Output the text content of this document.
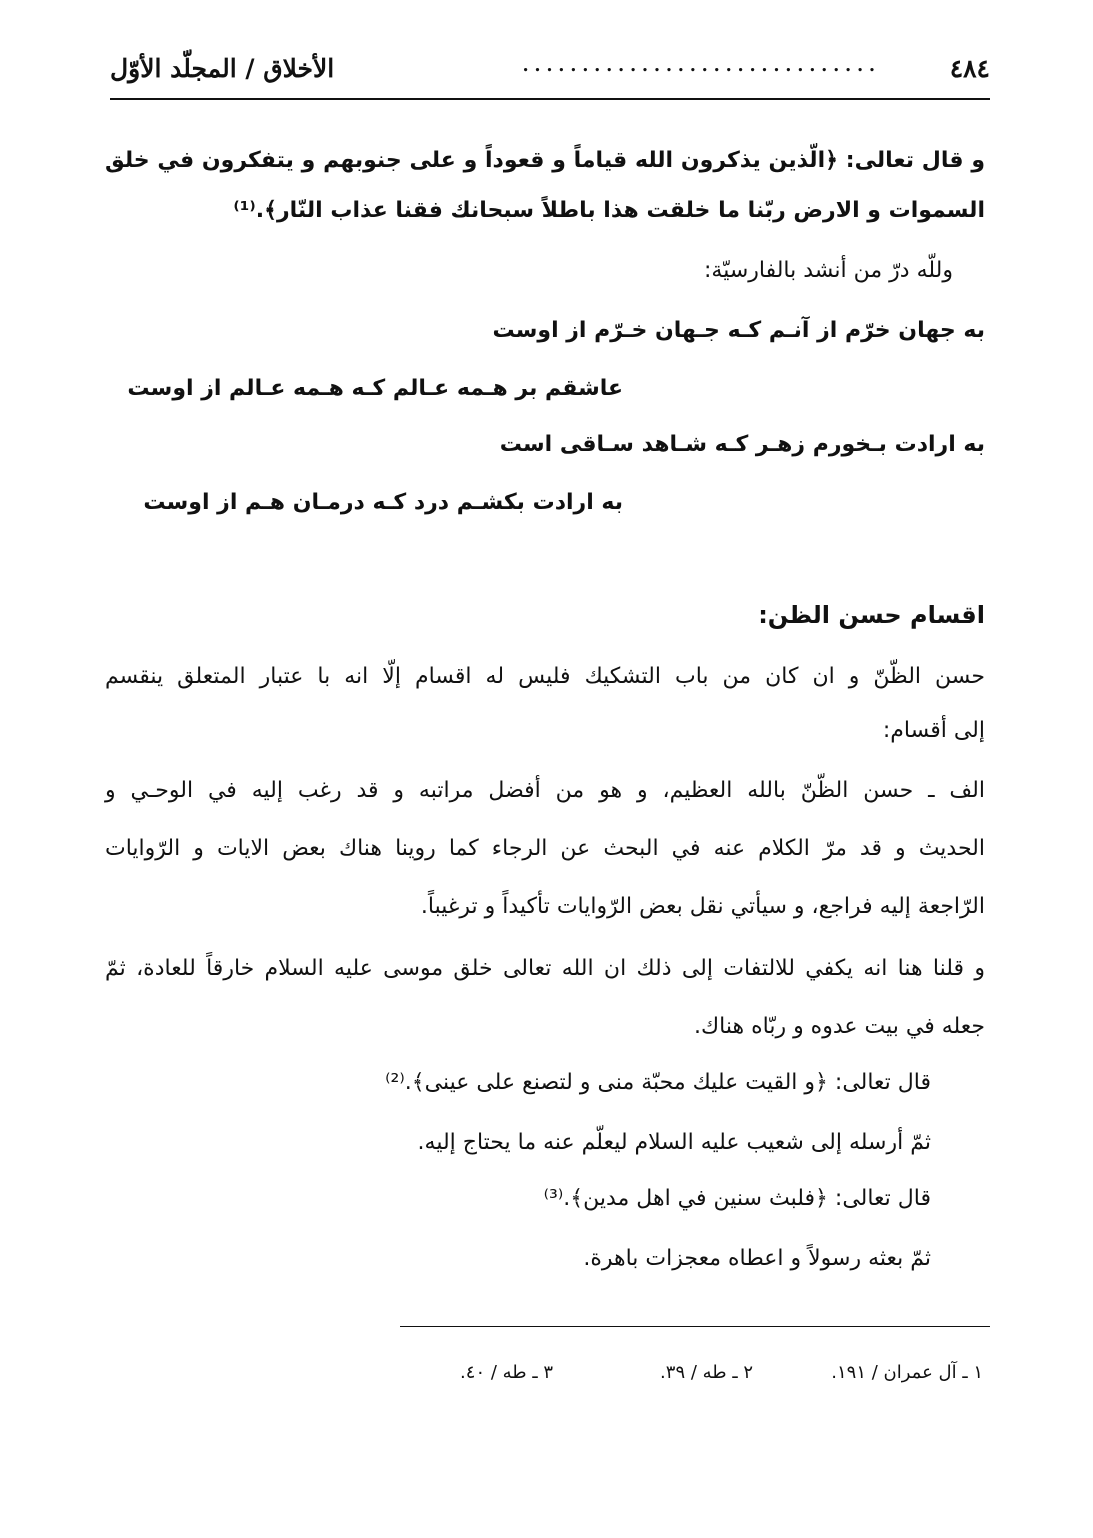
٤٨٤
..............................
الأخلاق / المجلّد الأوّل
و قال تعالى: ﴿الّذين يذكرون الله قياماً و قعوداً و على جنوبهم و يتفكرون في خلق
السموات و الارض ربّنا ما خلقت هذا باطلاً سبحانك فقنا عذاب النّار﴾.⁽¹⁾
وللّه درّ من أنشد بالفارسيّة:
به جهان خرّم از آنـم كـه جـهان خـرّم از اوست
عاشقم بر هـمه عـالم كـه هـمه عـالم از اوست
به ارادت بـخورم زهـر كـه شـاهد سـاقى است
به ارادت بكشـم درد كـه درمـان هـم از اوست
اقسام حسن الظن:
حسن الظّنّ و ان كان من باب التشكيك فليس له اقسام إلّا انه با عتبار المتعلق ينقسم
إلى أقسام:
الف ـ حسن الظّنّ بالله العظيم، و هو من أفضل مراتبه و قد رغب إليه في الوحـي و
الحديث و قد مرّ الكلام عنه في البحث عن الرجاء كما روينا هناك بعض الايات و الرّوايات
الرّاجعة إليه فراجع، و سيأتي نقل بعض الرّوايات تأكيداً و ترغيباً.
و قلنا هنا انه يكفي للالتفات إلى ذلك ان الله تعالى خلق موسى عليه السلام خارقاً للعادة، ثمّ
جعله في بيت عدوه و ربّاه هناك.
قال تعالى: ﴿و القيت عليك محبّة منى و لتصنع على عينى﴾.⁽²⁾
ثمّ أرسله إلى شعيب عليه السلام ليعلّم عنه ما يحتاج إليه.
قال تعالى: ﴿فلبث سنين في اهل مدين﴾.⁽³⁾
ثمّ بعثه رسولاً و اعطاه معجزات باهرة.
١ ـ آل عمران / ١٩١.
٢ ـ طه / ٣٩.
٣ ـ طه / ٤٠.
